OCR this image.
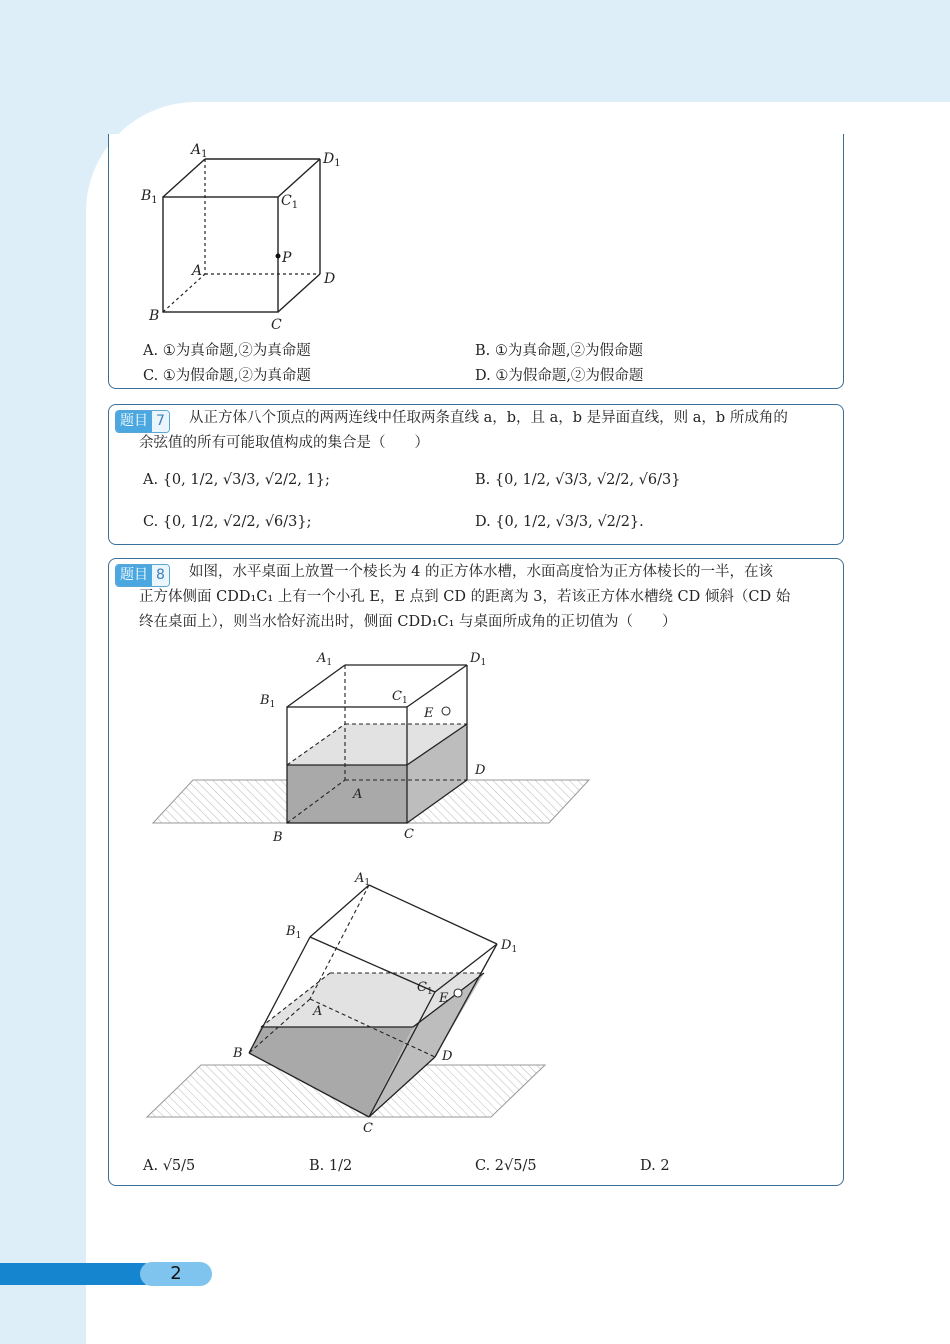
$A_1$	$D_1$
$B_1$	$C_1$
A
P
D
B
C
A. ①为真命题,②为真命题	B. ①为真命题,②为假命题
C. ①为假命题,②为真命题	D. ①为假命题,②为假命题
题目 7 从正方体八个顶点的两两连线中任取两条直线 a，b，且 a，b 是异面直线，则 a，b 所成角的
余弦值的所有可能取值构成的集合是（　　）
A. {0, 1/2, √3/3, √2/2, 1};	B. {0, 1/2, √3/3, √2/2, √6/3}
C. {0, 1/2, √2/2, √6/3};	D. {0, 1/2, √3/3, √2/2}.
题目 8 如图，水平桌面上放置一个棱长为 4 的正方体水槽，水面高度恰为正方体棱长的一半，在该
正方体侧面 CDD₁C₁ 上有一个小孔 E，E 点到 CD 的距离为 3，若该正方体水槽绕 CD 倾斜（CD 始
终在桌面上），则当水恰好流出时，侧面 CDD₁C₁ 与桌面所成角的正切值为（　　）
$A_1$	$D_1$
$B_1$
$C_1$
E
A
D
B	C
$A_1$
$D_1$
$B_1$
$C_1$ E
A
B	D
C
A. √5/5	B. 1/2	C. 2√5/5	D. 2
2
